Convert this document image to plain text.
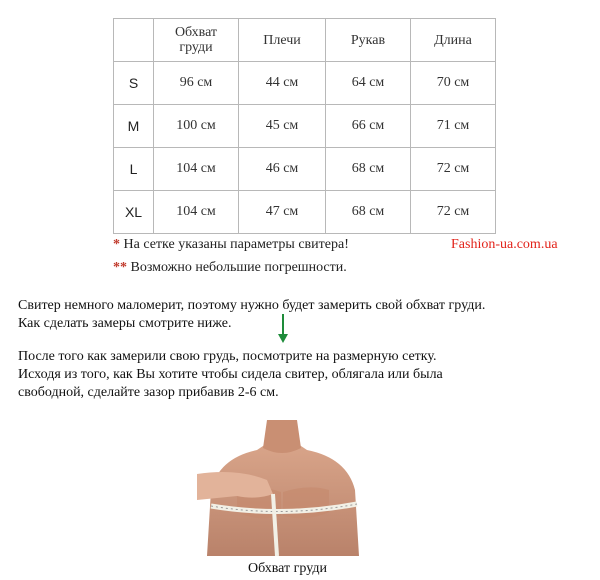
	Обхват груди	Плечи	Рукав	Длина
S	96 см	44 см	64 см	70 см
M	100 см	45 см	66 см	71 см
L	104 см	46 см	68 см	72 см
XL	104 см	47 см	68 см	72 см
* На сетке указаны параметры свитера!
** Возможно небольшие погрешности.
Fashion-ua.com.ua

Свитер немного маломерит, поэтому нужно будет замерить свой обхват груди.
Как сделать замеры смотрите ниже.

После того как замерили свою грудь, посмотрите на размерную сетку.
Исходя из того, как Вы хотите чтобы сидела свитер, облягала или была
свободной, сделайте зазор прибавив 2-6 см.

Обхват груди
